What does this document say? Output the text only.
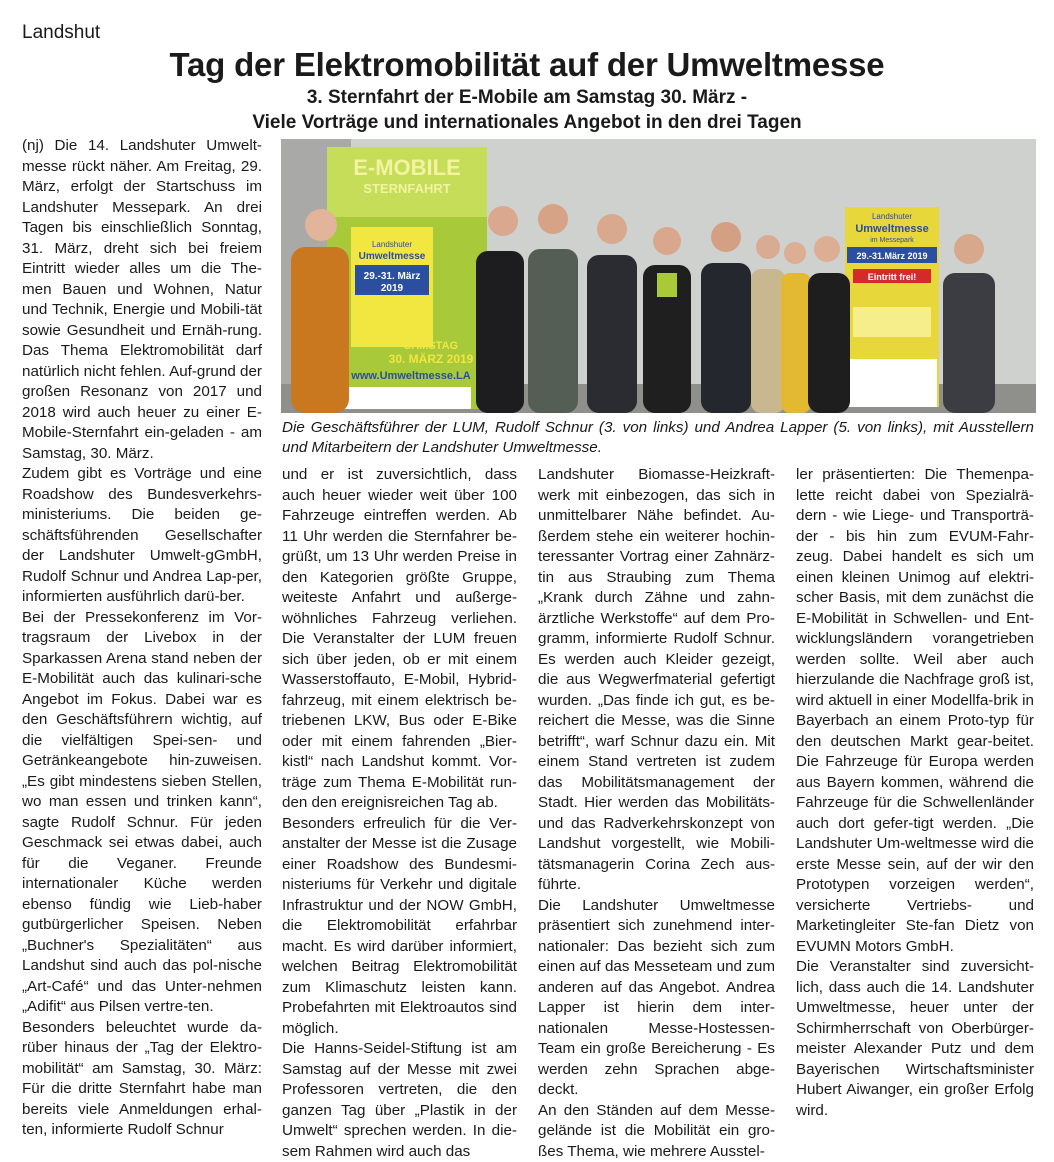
Landshut
Tag der Elektromobilität auf der Umweltmesse
3. Sternfahrt der E-Mobile am Samstag 30. März -
Viele Vorträge und internationales Angebot in den drei Tagen

(nj) Die 14. Landshuter Umwelt-messe rückt näher. Am Freitag, 29. März, erfolgt der Startschuss im Landshuter Messepark. An drei Tagen bis einschließlich Sonntag, 31. März, dreht sich bei freiem Eintritt wieder alles um die The-men Bauen und Wohnen, Natur und Technik, Energie und Mobili-tät sowie Gesundheit und Ernäh-rung. Das Thema Elektromobilität darf natürlich nicht fehlen. Auf-grund der großen Resonanz von 2017 und 2018 wird auch heuer zu einer E-Mobile-Sternfahrt ein-geladen - am Samstag, 30. März.

Zudem gibt es Vorträge und eine Roadshow des Bundesverkehrs-ministeriums. Die beiden ge-schäftsführenden Gesellschafter der Landshuter Umwelt-gGmbH, Rudolf Schnur und Andrea Lap-per, informierten ausführlich darü-ber.

Bei der Pressekonferenz im Vor-tragsraum der Livebox in der Sparkassen Arena stand neben der E-Mobilität auch das kulinari-sche Angebot im Fokus. Dabei war es den Geschäftsführern wichtig, auf die vielfältigen Spei-sen- und Getränkeangebote hin-zuweisen. „Es gibt mindestens sieben Stellen, wo man essen und trinken kann“, sagte Rudolf Schnur. Für jeden Geschmack sei etwas dabei, auch für die Veganer. Freunde internationaler Küche werden ebenso fündig wie Lieb-haber gutbürgerlicher Speisen. Neben „Buchner's Spezialitäten“ aus Landshut sind auch das pol-nische „Art-Café“ und das Unter-nehmen „Adifit“ aus Pilsen vertre-ten.

Besonders beleuchtet wurde da-rüber hinaus der „Tag der Elektro-mobilität“ am Samstag, 30. März: Für die dritte Sternfahrt habe man bereits viele Anmeldungen erhal-ten, informierte Rudolf Schnur

E-MOBILE
STERNFAHRT
Landshuter
Umweltmesse
29.-31. März
2019
SAMSTAG
30. MÄRZ 2019
www.Umweltmesse.LA
Landshuter
Umweltmesse
im Messepark
29.-31.März 2019
Eintritt frei!
Die Geschäftsführer der LUM, Rudolf Schnur (3. von links) und Andrea Lapper (5. von links), mit Ausstellern und Mitarbeitern der Landshuter Umweltmesse.

und er ist zuversichtlich, dass auch heuer wieder weit über 100 Fahrzeuge eintreffen werden. Ab 11 Uhr werden die Sternfahrer be-grüßt, um 13 Uhr werden Preise in den Kategorien größte Gruppe, weiteste Anfahrt und außerge-wöhnliches Fahrzeug verliehen. Die Veranstalter der LUM freuen sich über jeden, ob er mit einem Wasserstoffauto, E-Mobil, Hybrid-fahrzeug, mit einem elektrisch be-triebenen LKW, Bus oder E-Bike oder mit einem fahrenden „Bier-kistl“ nach Landshut kommt. Vor-träge zum Thema E-Mobilität run-den den ereignisreichen Tag ab.

Besonders erfreulich für die Ver-anstalter der Messe ist die Zusage einer Roadshow des Bundesmi-nisteriums für Verkehr und digitale Infrastruktur und der NOW GmbH, die Elektromobilität erfahrbar macht. Es wird darüber informiert, welchen Beitrag Elektromobilität zum Klimaschutz leisten kann. Probefahrten mit Elektroautos sind möglich.

Die Hanns-Seidel-Stiftung ist am Samstag auf der Messe mit zwei Professoren vertreten, die den ganzen Tag über „Plastik in der Umwelt“ sprechen werden. In die-sem Rahmen wird auch das

Landshuter Biomasse-Heizkraft-werk mit einbezogen, das sich in unmittelbarer Nähe befindet. Au-ßerdem stehe ein weiterer hochin-teressanter Vortrag einer Zahnärz-tin aus Straubing zum Thema „Krank durch Zähne und zahn-ärztliche Werkstoffe“ auf dem Pro-gramm, informierte Rudolf Schnur. Es werden auch Kleider gezeigt, die aus Wegwerfmaterial gefertigt wurden. „Das finde ich gut, es be-reichert die Messe, was die Sinne betrifft“, warf Schnur dazu ein. Mit einem Stand vertreten ist zudem das Mobilitätsmanagement der Stadt. Hier werden das Mobilitäts-und das Radverkehrskonzept von Landshut vorgestellt, wie Mobili-tätsmanagerin Corina Zech aus-führte.

Die Landshuter Umweltmesse präsentiert sich zunehmend inter-nationaler: Das bezieht sich zum einen auf das Messeteam und zum anderen auf das Angebot. Andrea Lapper ist hierin dem inter-nationalen Messe-Hostessen-Team ein große Bereicherung - Es werden zehn Sprachen abge-deckt.

An den Ständen auf dem Messe-gelände ist die Mobilität ein gro-ßes Thema, wie mehrere Ausstel-

ler präsentierten: Die Themenpa-lette reicht dabei von Spezialrä-dern - wie Liege- und Transporträ-der - bis hin zum EVUM-Fahr-zeug. Dabei handelt es sich um einen kleinen Unimog auf elektri-scher Basis, mit dem zunächst die E-Mobilität in Schwellen- und Ent-wicklungsländern vorangetrieben werden sollte. Weil aber auch hierzulande die Nachfrage groß ist, wird aktuell in einer Modellfa-brik in Bayerbach an einem Proto-typ für den deutschen Markt gear-beitet. Die Fahrzeuge für Europa werden aus Bayern kommen, während die Fahrzeuge für die Schwellenländer auch dort gefer-tigt werden. „Die Landshuter Um-weltmesse wird die erste Messe sein, auf der wir den Prototypen vorzeigen werden“, versicherte Vertriebs- und Marketingleiter Ste-fan Dietz von EVUMN Motors GmbH.

Die Veranstalter sind zuversicht-lich, dass auch die 14. Landshuter Umweltmesse, heuer unter der Schirmherrschaft von Oberbürger-meister Alexander Putz und dem Bayerischen Wirtschaftsminister Hubert Aiwanger, ein großer Erfolg wird.
